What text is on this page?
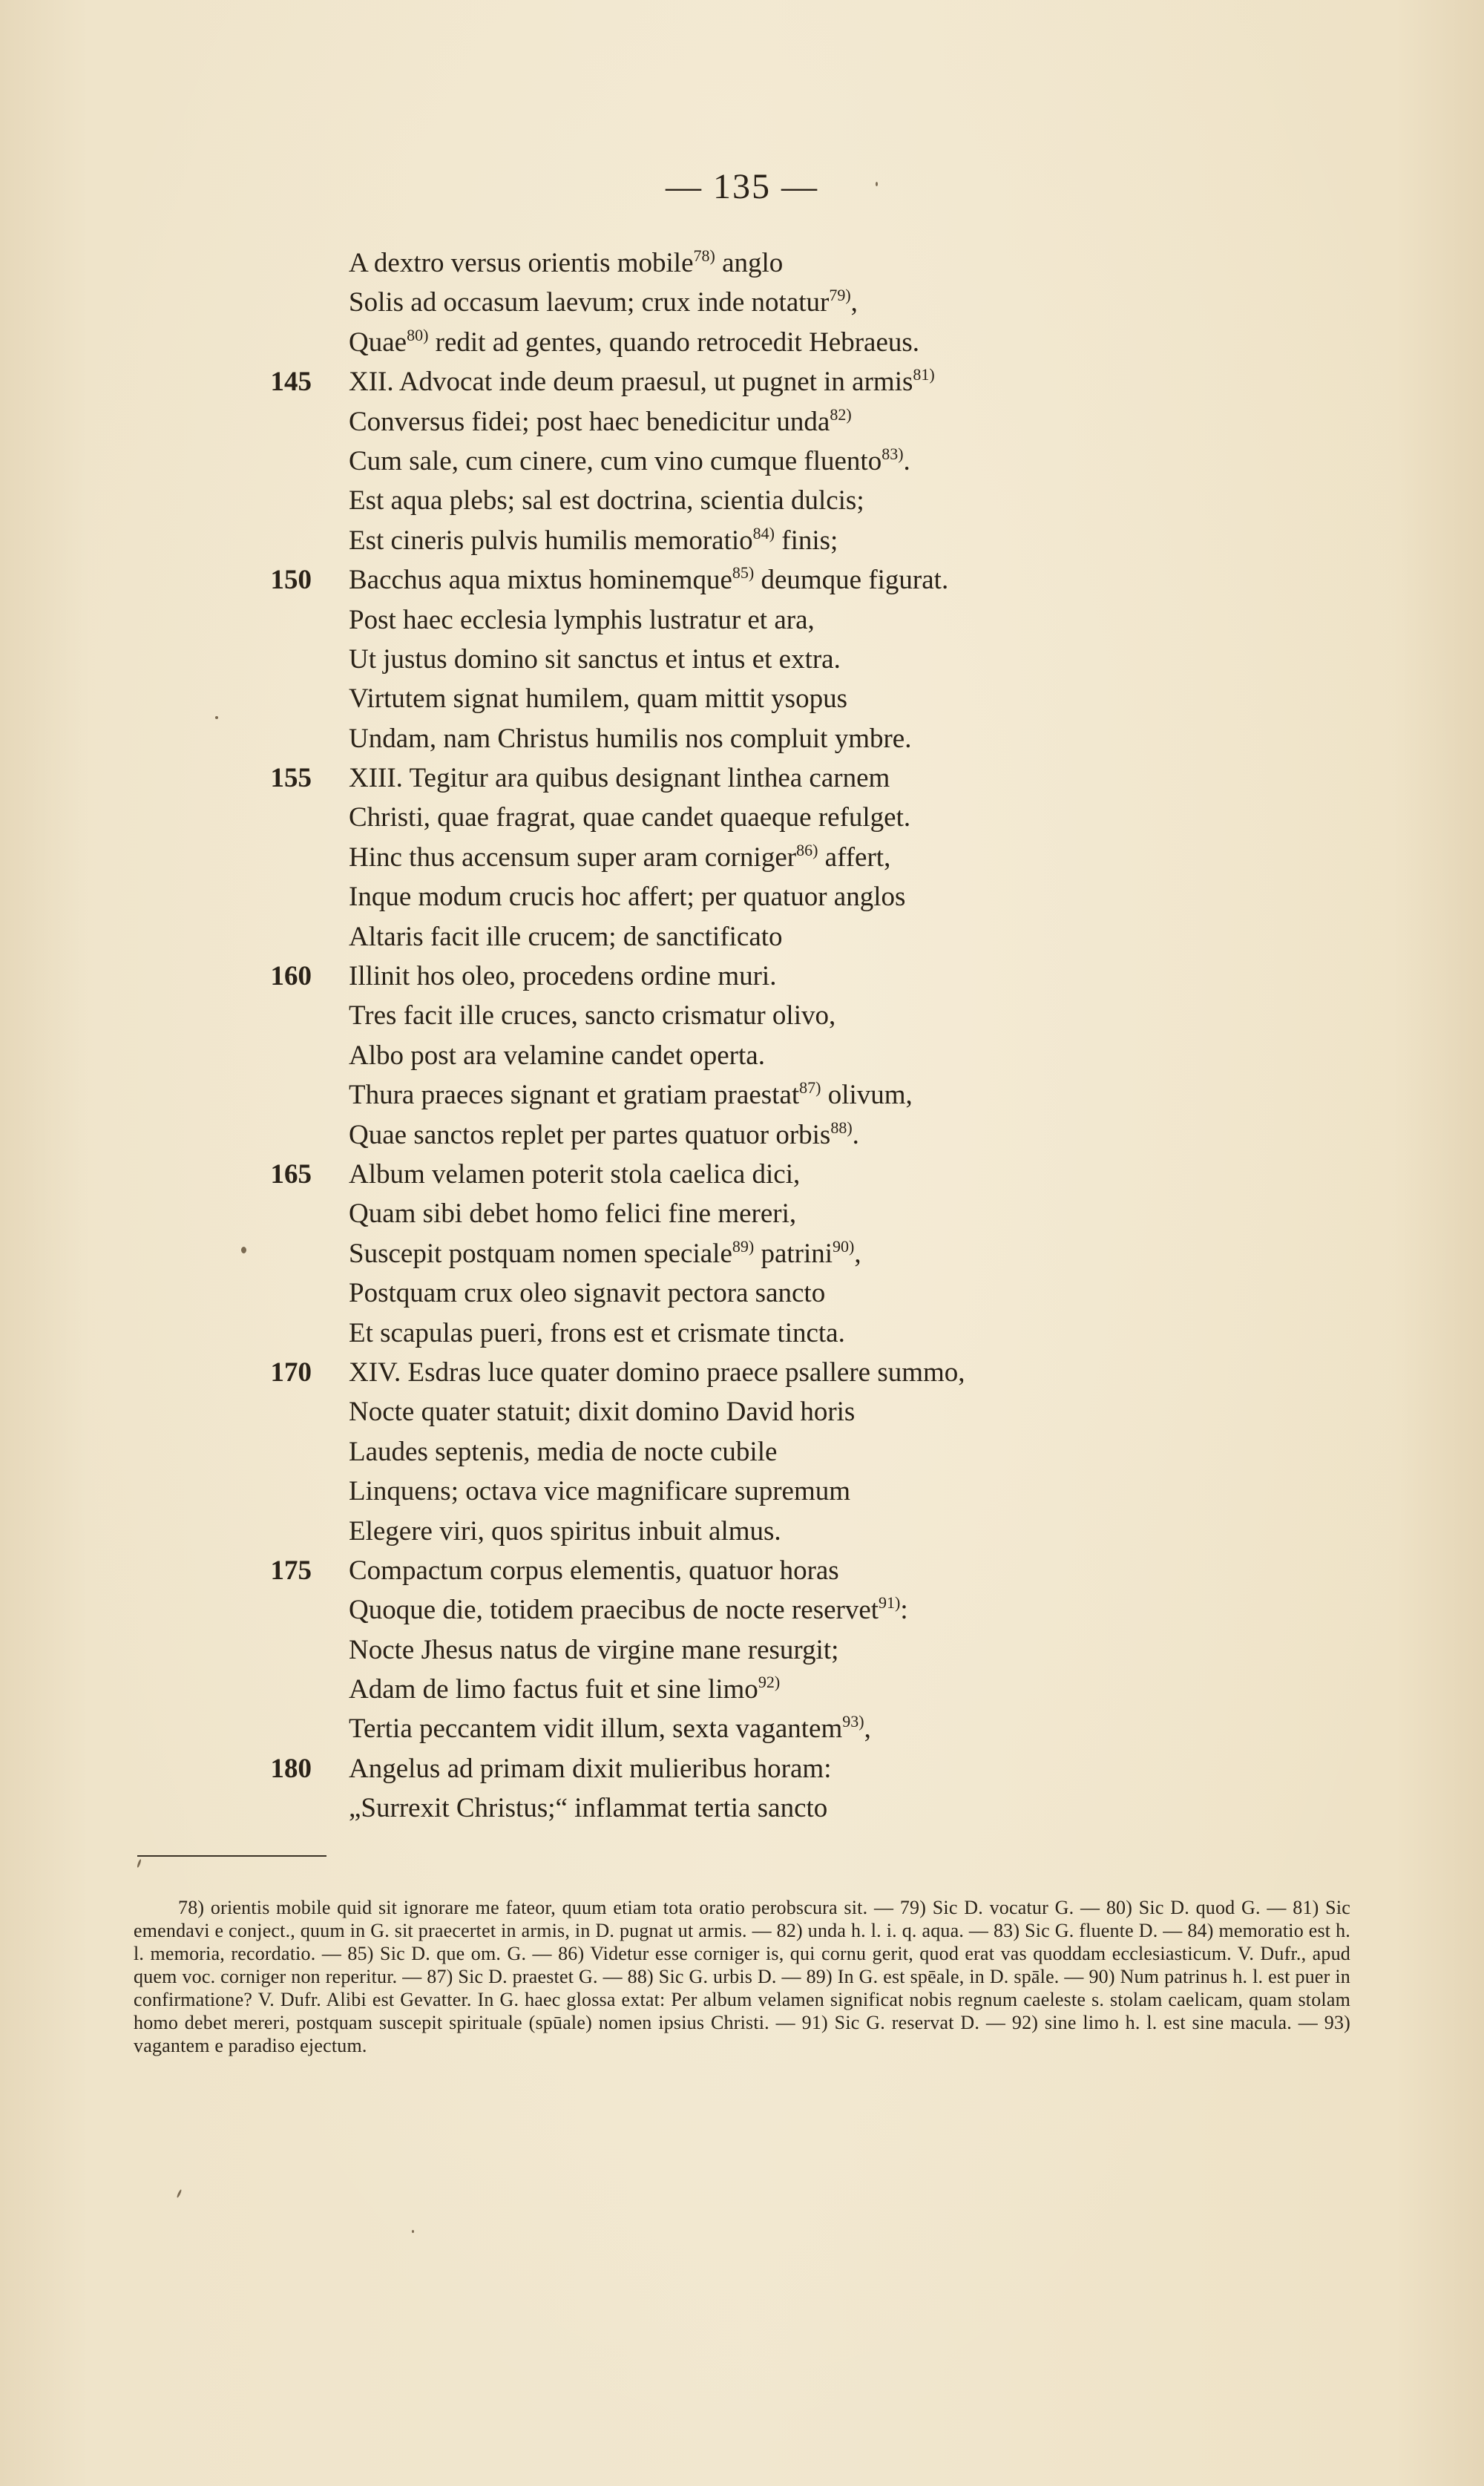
— 135 —
A dextro versus orientis mobile$^{78)}$ anglo
Solis ad occasum laevum; crux inde notatur$^{79)}$,
Quae$^{80)}$ redit ad gentes, quando retrocedit Hebraeus.
145 XII. Advocat inde deum praesul, ut pugnet in armis$^{81)}$
Conversus fidei; post haec benedicitur unda$^{82)}$
Cum sale, cum cinere, cum vino cumque fluento$^{83)}$.
Est aqua plebs; sal est doctrina, scientia dulcis;
Est cineris pulvis humilis memoratio$^{84)}$ finis;
150 Bacchus aqua mixtus hominemque$^{85)}$ deumque figurat.
Post haec ecclesia lymphis lustratur et ara,
Ut justus domino sit sanctus et intus et extra.
Virtutem signat humilem, quam mittit ysopus
Undam, nam Christus humilis nos compluit ymbre.
155 XIII. Tegitur ara quibus designant linthea carnem
Christi, quae fragrat, quae candet quaeque refulget.
Hinc thus accensum super aram corniger$^{86)}$ affert,
Inque modum crucis hoc affert; per quatuor anglos
Altaris facit ille crucem; de sanctificato
160 Illinit hos oleo, procedens ordine muri.
Tres facit ille cruces, sancto crismatur olivo,
Albo post ara velamine candet operta.
Thura praeces signant et gratiam praestat$^{87)}$ olivum,
Quae sanctos replet per partes quatuor orbis$^{88)}$.
165 Album velamen poterit stola caelica dici,
Quam sibi debet homo felici fine mereri,
Suscepit postquam nomen speciale$^{89)}$ patrini$^{90)}$,
Postquam crux oleo signavit pectora sancto
Et scapulas pueri, frons est et crismate tincta.
170 XIV. Esdras luce quater domino praece psallere summo,
Nocte quater statuit; dixit domino David horis
Laudes septenis, media de nocte cubile
Linquens; octava vice magnificare supremum
Elegere viri, quos spiritus inbuit almus.
175 Compactum corpus elementis, quatuor horas
Quoque die, totidem praecibus de nocte reservet$^{91)}$:
Nocte Jhesus natus de virgine mane resurgit;
Adam de limo factus fuit et sine limo$^{92)}$
Tertia peccantem vidit illum, sexta vagantem$^{93)}$,
180 Angelus ad primam dixit mulieribus horam:
„Surrexit Christus;“ inflammat tertia sancto

78) orientis mobile quid sit ignorare me fateor, quum etiam tota oratio perobscura sit. — 79) Sic D. vocatur G. — 80) Sic D. quod G. — 81) Sic emendavi e conject., quum in G. sit praecertet in armis, in D. pugnat ut armis. — 82) unda h. l. i. q. aqua. — 83) Sic G. fluente D. — 84) memoratio est h. l. memoria, recordatio. — 85) Sic D. que om. G. — 86) Videtur esse corniger is, qui cornu gerit, quod erat vas quoddam ecclesiasticum. V. Dufr., apud quem voc. corniger non reperitur. — 87) Sic D. praestet G. — 88) Sic G. urbis D. — 89) In G. est spēale, in D. spāle. — 90) Num patrinus h. l. est puer in confirmatione? V. Dufr. Alibi est Gevatter. In G. haec glossa extat: Per album velamen significat nobis regnum caeleste s. stolam caelicam, quam stolam homo debet mereri, postquam suscepit spirituale (spūale) nomen ipsius Christi. — 91) Sic G. reservat D. — 92) sine limo h. l. est sine macula. — 93) vagantem e paradiso ejectum.
